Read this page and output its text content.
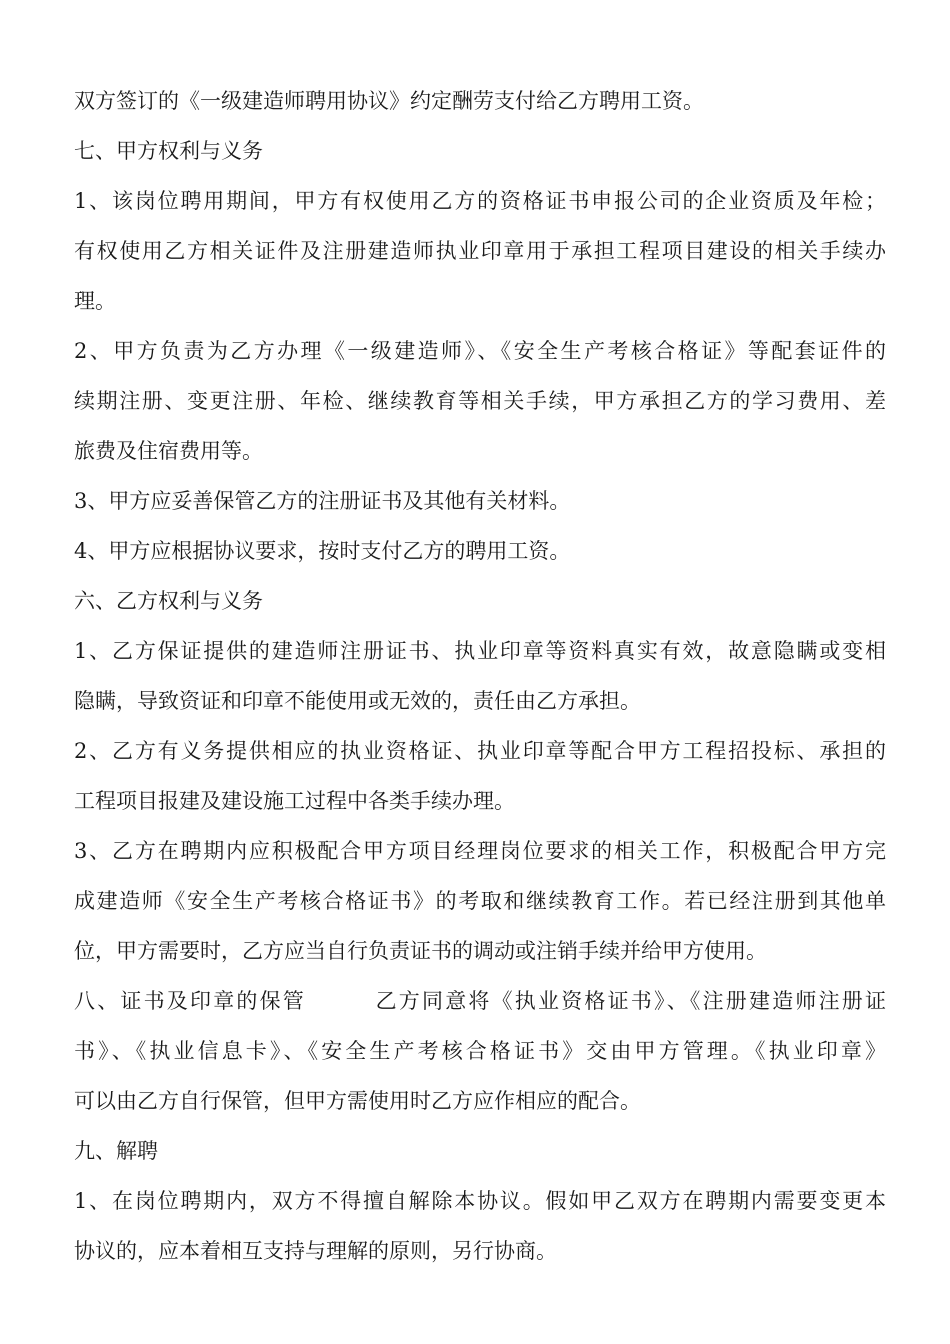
双方签订的《一级建造师聘用协议》约定酬劳支付给乙方聘用工资。
七、甲方权利与义务
1、该岗位聘用期间，甲方有权使用乙方的资格证书申报公司的企业资质及年检；
有权使用乙方相关证件及注册建造师执业印章用于承担工程项目建设的相关手续办
理。
2、甲方负责为乙方办理《一级建造师》、《安全生产考核合格证》等配套证件的
续期注册、变更注册、年检、继续教育等相关手续，甲方承担乙方的学习费用、差
旅费及住宿费用等。
3、甲方应妥善保管乙方的注册证书及其他有关材料。
4、甲方应根据协议要求，按时支付乙方的聘用工资。
六、乙方权利与义务
1、乙方保证提供的建造师注册证书、执业印章等资料真实有效，故意隐瞒或变相
隐瞒，导致资证和印章不能使用或无效的，责任由乙方承担。
2、乙方有义务提供相应的执业资格证、执业印章等配合甲方工程招投标、承担的
工程项目报建及建设施工过程中各类手续办理。
3、乙方在聘期内应积极配合甲方项目经理岗位要求的相关工作，积极配合甲方完
成建造师《安全生产考核合格证书》的考取和继续教育工作。若已经注册到其他单
位，甲方需要时，乙方应当自行负责证书的调动或注销手续并给甲方使用。
八、证书及印章的保管　　　乙方同意将《执业资格证书》、《注册建造师注册证
书》、《执业信息卡》、《安全生产考核合格证书》交由甲方管理。《执业印章》
可以由乙方自行保管，但甲方需使用时乙方应作相应的配合。
九、解聘
1、在岗位聘期内，双方不得擅自解除本协议。假如甲乙双方在聘期内需要变更本
协议的，应本着相互支持与理解的原则，另行协商。
